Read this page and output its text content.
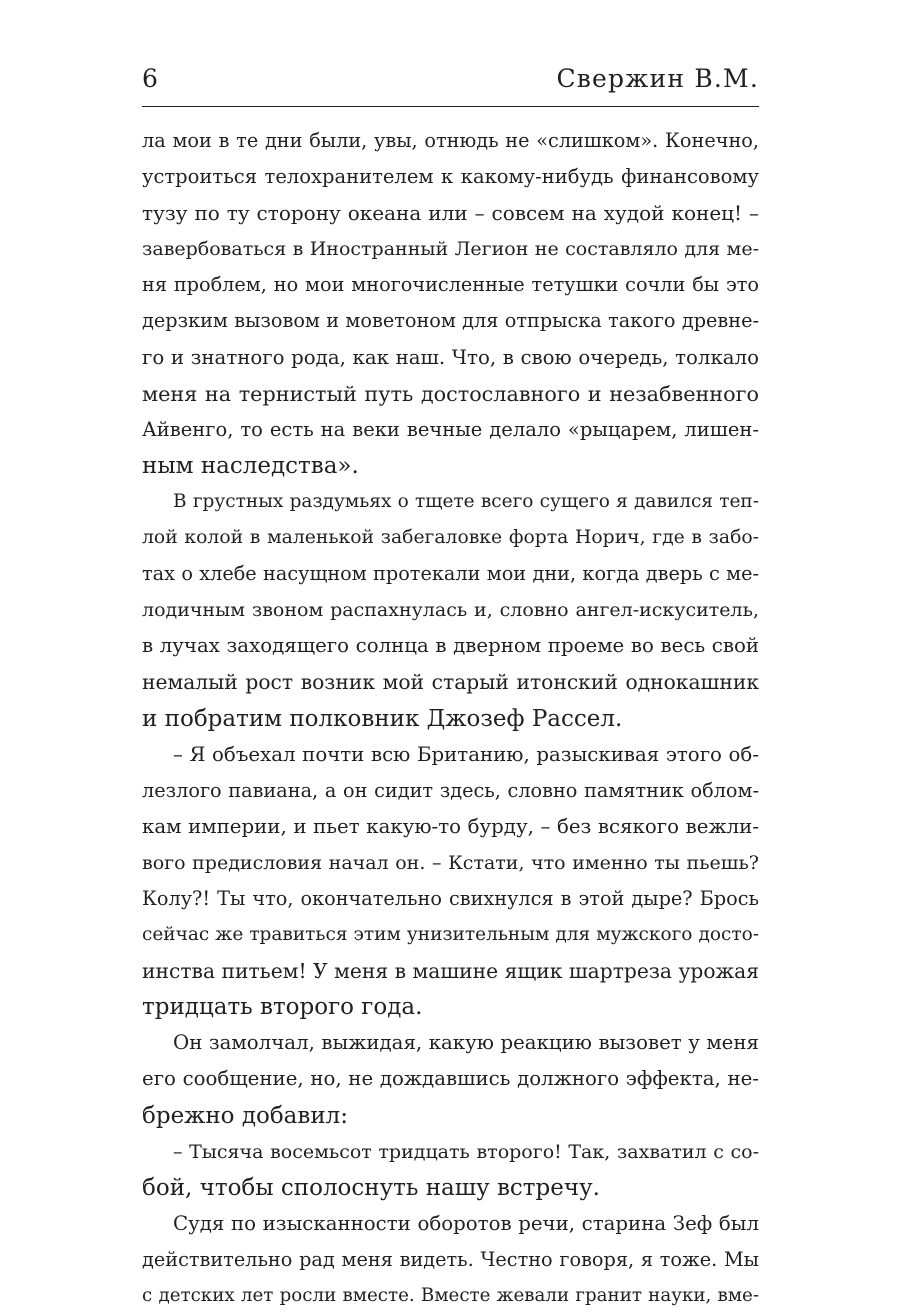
6	Свержин В.М.
ла мои в те дни были, увы, отнюдь не «слишком». Конечно,
устроиться телохранителем к какому-нибудь финансовому
тузу по ту сторону океана или – совсем на худой конец! –
завербоваться в Иностранный Легион не составляло для ме-
ня проблем, но мои многочисленные тетушки сочли бы это
дерзким вызовом и моветоном для отпрыска такого древне-
го и знатного рода, как наш. Что, в свою очередь, толкало
меня на тернистый путь достославного и незабвенного
Айвенго, то есть на веки вечные делало «рыцарем, лишен-
ным наследства».
В грустных раздумьях о тщете всего сущего я давился теп-
лой колой в маленькой забегаловке форта Норич, где в забо-
тах о хлебе насущном протекали мои дни, когда дверь с ме-
лодичным звоном распахнулась и, словно ангел-искуситель,
в лучах заходящего солнца в дверном проеме во весь свой
немалый рост возник мой старый итонский однокашник
и побратим полковник Джозеф Рассел.
– Я объехал почти всю Британию, разыскивая этого об-
лезлого павиана, а он сидит здесь, словно памятник облом-
кам империи, и пьет какую-то бурду, – без всякого вежли-
вого предисловия начал он. – Кстати, что именно ты пьешь?
Колу?! Ты что, окончательно свихнулся в этой дыре? Брось
сейчас же травиться этим унизительным для мужского досто-
инства питьем! У меня в машине ящик шартреза урожая
тридцать второго года.
Он замолчал, выжидая, какую реакцию вызовет у меня
его сообщение, но, не дождавшись должного эффекта, не-
брежно добавил:
– Тысяча восемьсот тридцать второго! Так, захватил с со-
бой, чтобы сполоснуть нашу встречу.
Судя по изысканности оборотов речи, старина Зеф был
действительно рад меня видеть. Честно говоря, я тоже. Мы
с детских лет росли вместе. Вместе жевали гранит науки, вме-
